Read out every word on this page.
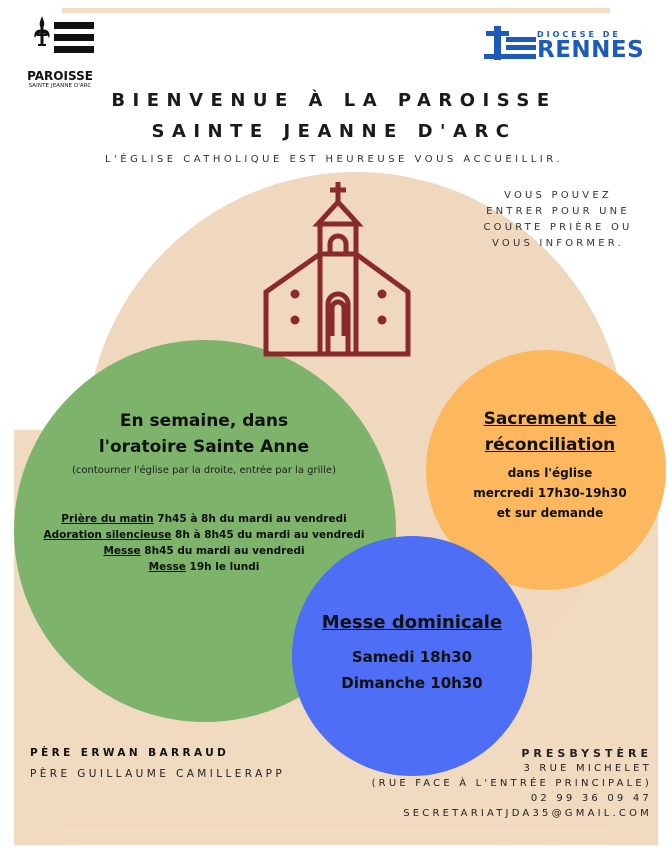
PAROISSE
SAINTE JEANNE D'ARC
DIOCESE DE
RENNES
BIENVENUE À LA PAROISSE
SAINTE JEANNE D'ARC
L'ÉGLISE CATHOLIQUE EST HEUREUSE VOUS ACCUEILLIR.
VOUS POUVEZ
ENTRER POUR UNE
COURTE PRIÈRE OU
VOUS INFORMER.
En semaine, dans
l'oratoire Sainte Anne
(contourner l'église par la droite, entrée par la grille)
Prière du matin 7h45 à 8h du mardi au vendredi
Adoration silencieuse 8h à 8h45 du mardi au vendredi
Messe 8h45 du mardi au vendredi
Messe 19h le lundi
Sacrement de
réconciliation
dans l'église
mercredi 17h30-19h30
et sur demande
Messe dominicale
Samedi 18h30
Dimanche 10h30
PÈRE ERWAN BARRAUD
PÈRE GUILLAUME CAMILLERAPP
PRESBYSTÈRE
3 RUE MICHELET
(RUE FACE À L'ENTRÉE PRINCIPALE)
02 99 36 09 47
SECRETARIATJDA35@GMAIL.COM
